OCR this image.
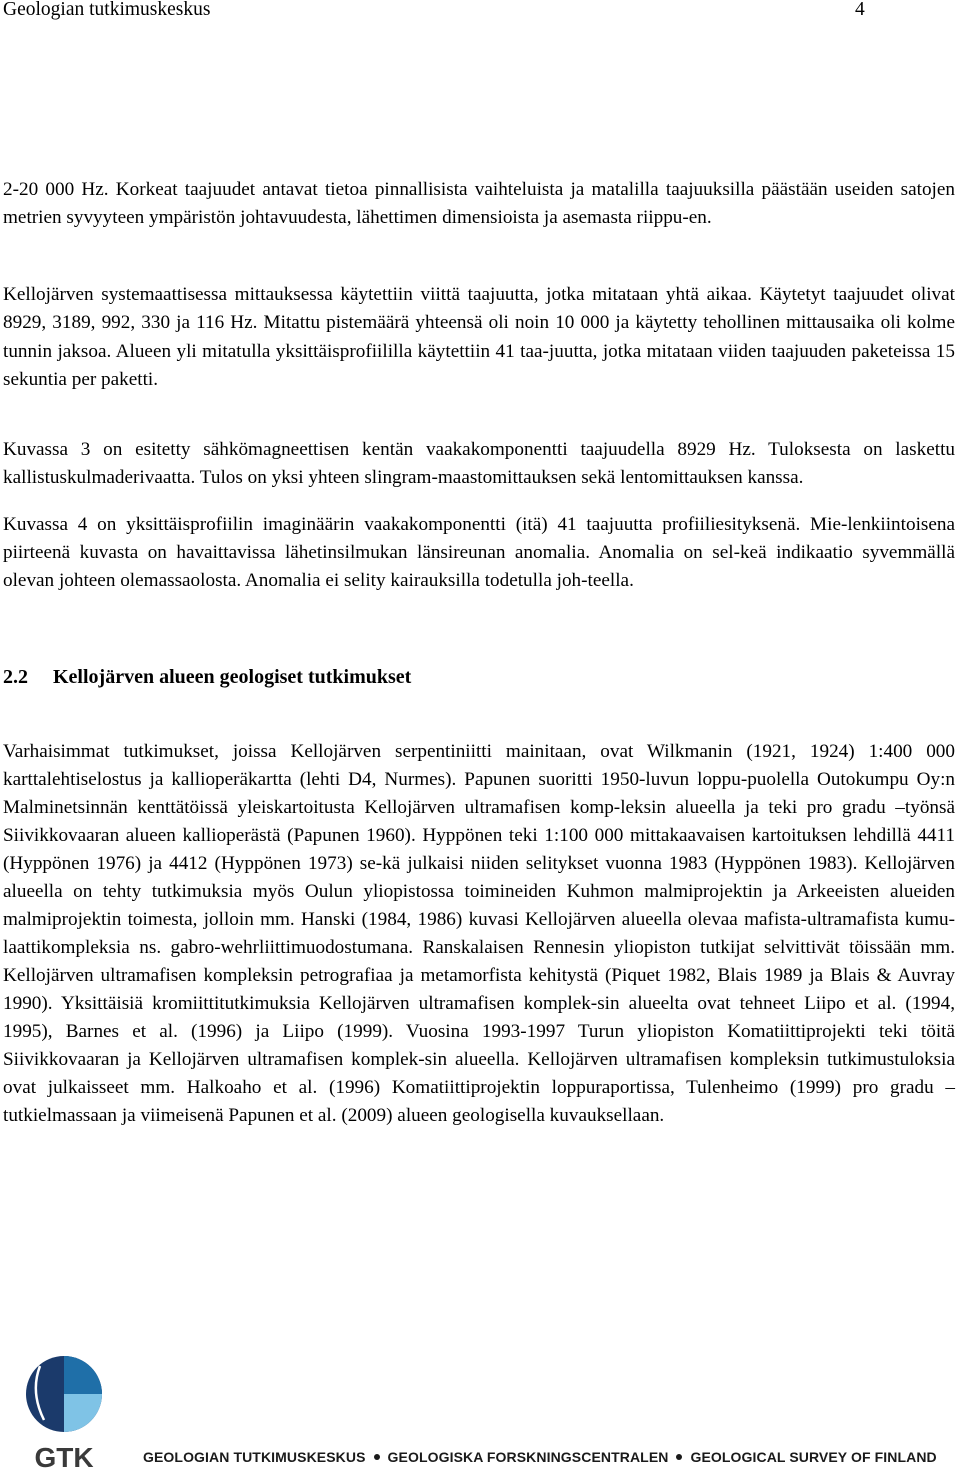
Geologian tutkimuskeskus	4

2-20 000 Hz. Korkeat taajuudet antavat tietoa pinnallisista vaihteluista ja matalilla taajuuksilla päästään useiden satojen metrien syvyyteen ympäristön johtavuudesta, lähettimen dimensioista ja asemasta riippu-en.

Kellojärven systemaattisessa mittauksessa käytettiin viittä taajuutta, jotka mitataan yhtä aikaa. Käytetyt taajuudet olivat 8929, 3189, 992, 330 ja 116 Hz. Mitattu pistemäärä yhteensä oli noin 10 000 ja käytetty tehollinen mittausaika oli kolme tunnin jaksoa. Alueen yli mitatulla yksittäisprofiililla käytettiin 41 taa-juutta, jotka mitataan viiden taajuuden paketeissa 15 sekuntia per paketti.

Kuvassa 3 on esitetty sähkömagneettisen kentän vaakakomponentti taajuudella 8929 Hz. Tuloksesta on laskettu kallistuskulmaderivaatta. Tulos on yksi yhteen slingram-maastomittauksen sekä lentomittauksen kanssa.

Kuvassa 4 on yksittäisprofiilin imaginäärin vaakakomponentti (itä) 41 taajuutta profiiliesityksenä. Mie-lenkiintoisena piirteenä kuvasta on havaittavissa lähetinsilmukan länsireunan anomalia. Anomalia on sel-keä indikaatio syvemmällä olevan johteen olemassaolosta. Anomalia ei selity kairauksilla todetulla joh-teella.

2.2 Kellojärven alueen geologiset tutkimukset

Varhaisimmat tutkimukset, joissa Kellojärven serpentiniitti mainitaan, ovat Wilkmanin (1921, 1924) 1:400 000 karttalehtiselostus ja kallioperäkartta (lehti D4, Nurmes). Papunen suoritti 1950-luvun loppu-puolella Outokumpu Oy:n Malminetsinnän kenttätöissä yleiskartoitusta Kellojärven ultramafisen komp-leksin alueella ja teki pro gradu –työnsä Siivikkovaaran alueen kallioperästä (Papunen 1960). Hyppönen teki 1:100 000 mittakaavaisen kartoituksen lehdillä 4411 (Hyppönen 1976) ja 4412 (Hyppönen 1973) se-kä julkaisi niiden selitykset vuonna 1983 (Hyppönen 1983). Kellojärven alueella on tehty tutkimuksia myös Oulun yliopistossa toimineiden Kuhmon malmiprojektin ja Arkeeisten alueiden malmiprojektin toimesta, jolloin mm. Hanski (1984, 1986) kuvasi Kellojärven alueella olevaa mafista-ultramafista kumu-laattikompleksia ns. gabro-wehrliittimuodostumana. Ranskalaisen Rennesin yliopiston tutkijat selvittivät töissään mm. Kellojärven ultramafisen kompleksin petrografiaa ja metamorfista kehitystä (Piquet 1982, Blais 1989 ja Blais & Auvray 1990). Yksittäisiä kromiittitutkimuksia Kellojärven ultramafisen komplek-sin alueelta ovat tehneet Liipo et al. (1994, 1995), Barnes et al. (1996) ja Liipo (1999). Vuosina 1993-1997 Turun yliopiston Komatiittiprojekti teki töitä Siivikkovaaran ja Kellojärven ultramafisen komplek-sin alueella. Kellojärven ultramafisen kompleksin tutkimustuloksia ovat julkaisseet mm. Halkoaho et al. (1996) Komatiittiprojektin loppuraportissa, Tulenheimo (1999) pro gradu –tutkielmassaan ja viimeisenä Papunen et al. (2009) alueen geologisella kuvauksellaan.

GTK	GEOLOGIAN TUTKIMUSKESKUS GEOLOGISKA FORSKNINGSCENTRALEN GEOLOGICAL SURVEY OF FINLAND
